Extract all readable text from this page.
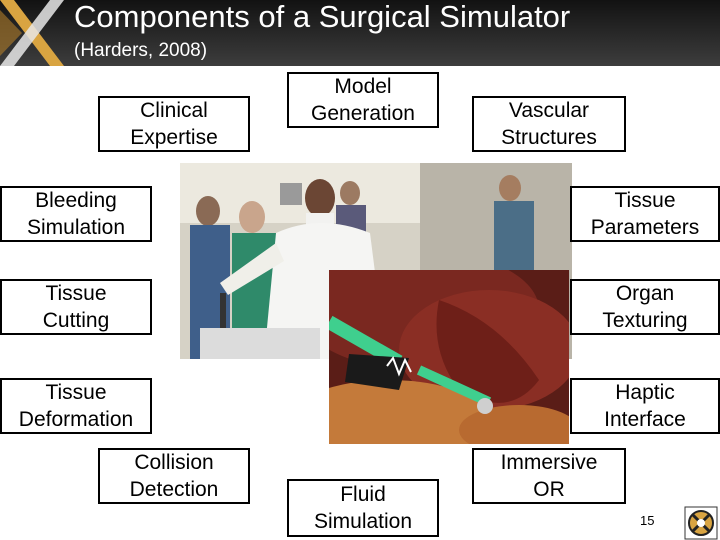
Components of a Surgical Simulator
(Harders, 2008)
Clinical
Expertise
Model
Generation	Vascular
Structures
Bleeding
Simulation
Tissue
Parameters
Tissue
Cutting
Organ
Texturing
Tissue
Deformation
Haptic
Interface
Collision
Detection	Fluid
Simulation
Immersive
OR
15
